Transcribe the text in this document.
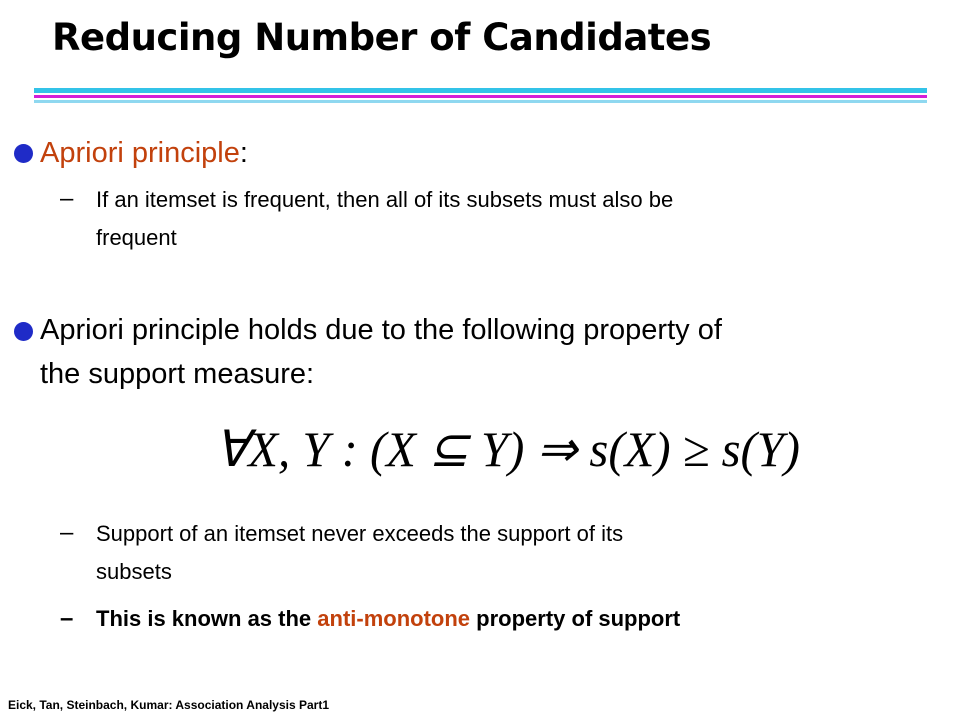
Reducing Number of Candidates
Apriori principle:
– If an itemset is frequent, then all of its subsets must also be
frequent
Apriori principle holds due to the following property of
the support measure:
∀X, Y : (X ⊆ Y) ⇒ s(X) ≥ s(Y)
– Support of an itemset never exceeds the support of its
subsets
– This is known as the anti-monotone property of support
Eick, Tan, Steinbach, Kumar: Association Analysis Part1
